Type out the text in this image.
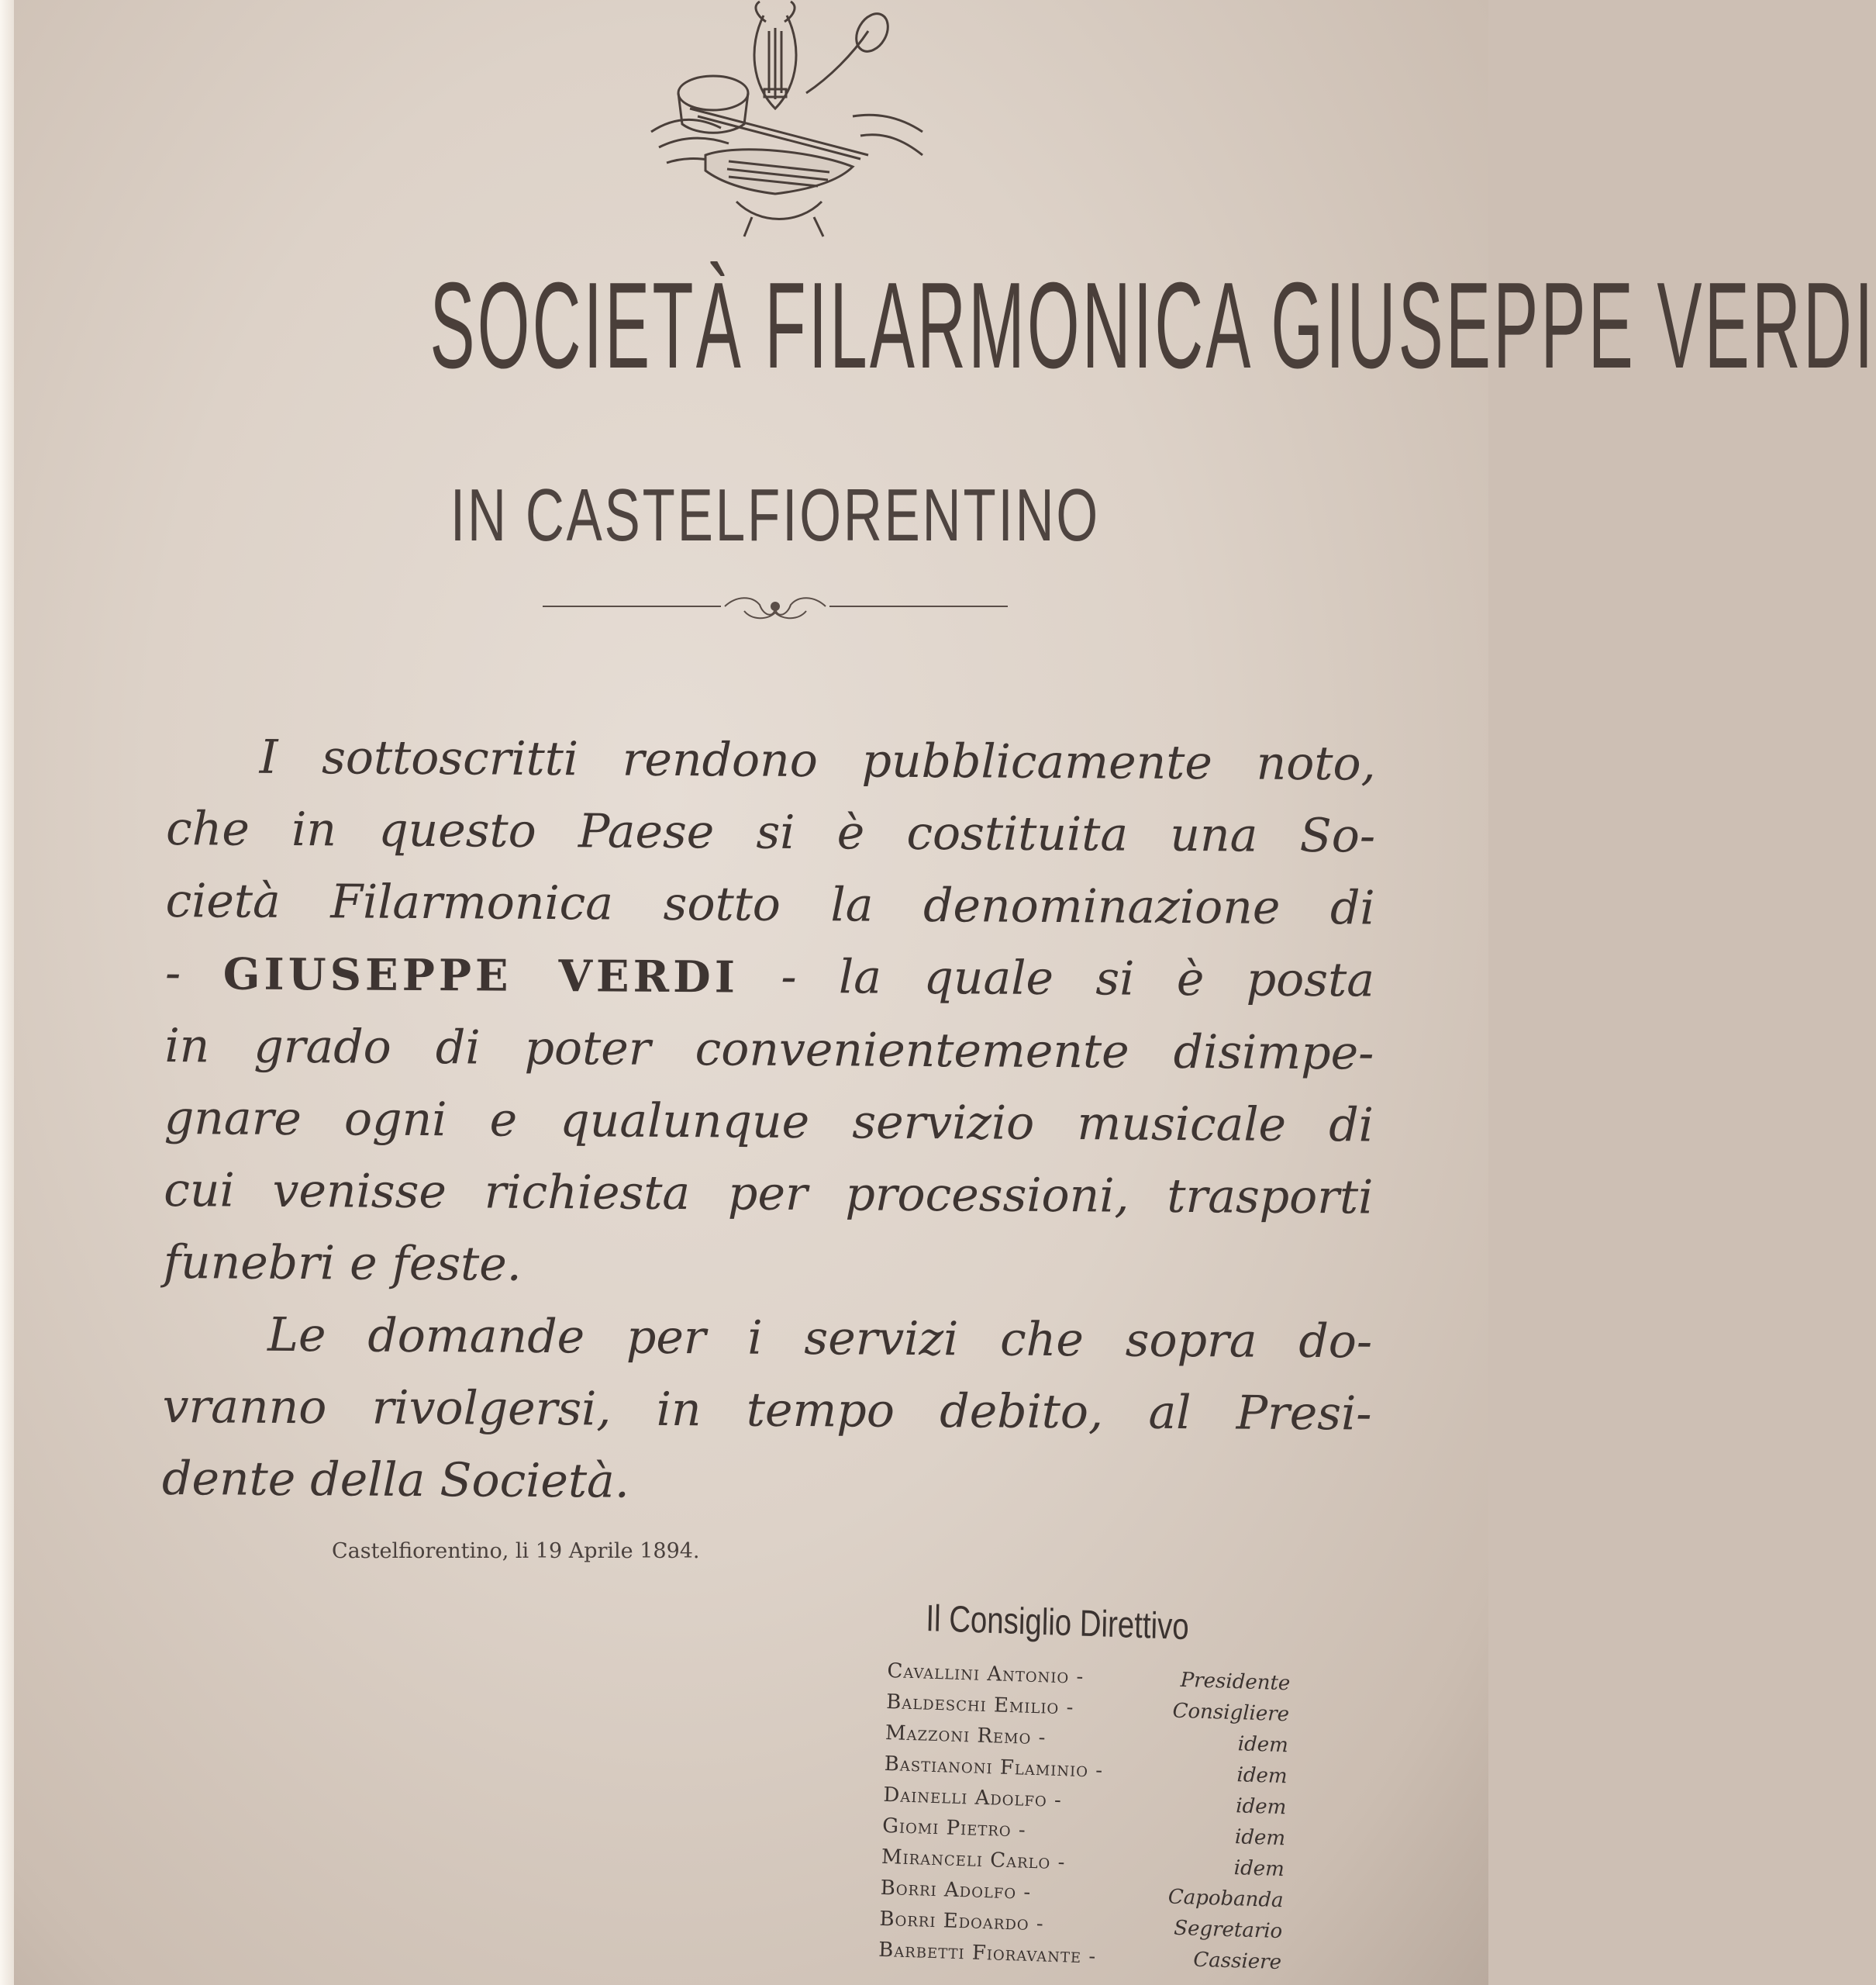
SOCIETÀ FILARMONICA GIUSEPPE VERDI
IN CASTELFIORENTINO
I sottoscritti rendono pubblicamente noto,
che in questo Paese si è costituita una So-
cietà Filarmonica sotto la denominazione di
- GIUSEPPE VERDI - la quale si è posta
in grado di poter convenientemente disimpe-
gnare ogni e qualunque servizio musicale di
cui venisse richiesta per processioni, trasporti
funebri e feste.
Le domande per i servizi che sopra do-
vranno rivolgersi, in tempo debito, al Presi-
dente della Società.
Castelfiorentino, li 19 Aprile 1894.
Il Consiglio Direttivo
Cavallini Antonio -	Presidente
Baldeschi Emilio -	Consigliere
Mazzoni Remo -	idem
Bastianoni Flaminio -	idem
Dainelli Adolfo -	idem
Giomi Pietro -	idem
Miranceli Carlo -	idem
Borri Adolfo -	Capobanda
Borri Edoardo -	Segretario
Barbetti Fioravante -	Cassiere
